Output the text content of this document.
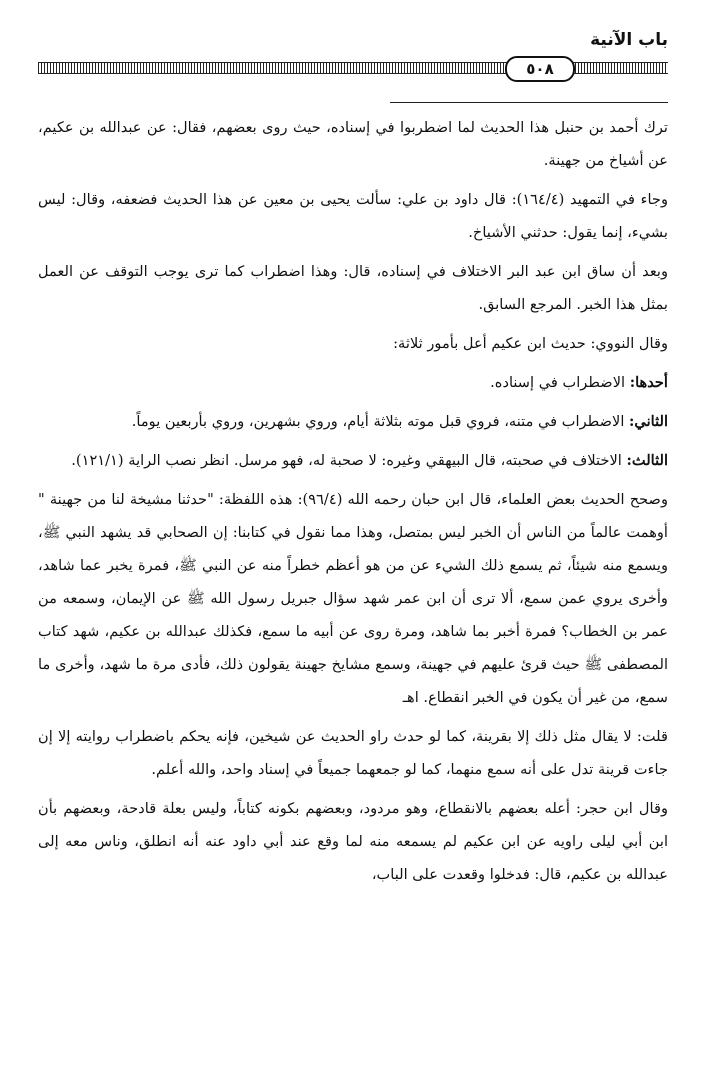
باب الآنية
٥٠٨

ترك أحمد بن حنبل هذا الحديث لما اضطربوا في إسناده، حيث روى بعضهم، فقال: عن عبدالله بن عكيم، عن أشياخ من جهينة.

وجاء في التمهيد (١٦٤/٤): قال داود بن علي: سألت يحيى بن معين عن هذا الحديث فضعفه، وقال: ليس بشيء، إنما يقول: حدثني الأشياخ.

وبعد أن ساق ابن عبد البر الاختلاف في إسناده، قال: وهذا اضطراب كما ترى يوجب التوقف عن العمل بمثل هذا الخبر. المرجع السابق.

وقال النووي: حديث ابن عكيم أعل بأمور ثلاثة:

أحدها: الاضطراب في إسناده.

الثاني: الاضطراب في متنه، فروي قبل موته بثلاثة أيام، وروي بشهرين، وروي بأربعين يوماً.

الثالث: الاختلاف في صحبته، قال البيهقي وغيره: لا صحبة له، فهو مرسل. انظر نصب الراية (١٢١/١).

وصحح الحديث بعض العلماء، قال ابن حبان رحمه الله (٩٦/٤): هذه اللفظة: "حدثنا مشيخة لنا من جهينة " أوهمت عالماً من الناس أن الخبر ليس بمتصل، وهذا مما نقول في كتابنا: إن الصحابي قد يشهد النبي ﷺ، ويسمع منه شيئاً، ثم يسمع ذلك الشيء عن من هو أعظم خطراً منه عن النبي ﷺ، فمرة يخبر عما شاهد، وأخرى يروي عمن سمع، ألا ترى أن ابن عمر شهد سؤال جبريل رسول الله ﷺ عن الإيمان، وسمعه من عمر بن الخطاب؟ فمرة أخبر بما شاهد، ومرة روى عن أبيه ما سمع، فكذلك عبدالله بن عكيم، شهد كتاب المصطفى ﷺ حيث قرئ عليهم في جهينة، وسمع مشايخ جهينة يقولون ذلك، فأدى مرة ما شهد، وأخرى ما سمع، من غير أن يكون في الخبر انقطاع. اهـ

قلت: لا يقال مثل ذلك إلا بقرينة، كما لو حدث راو الحديث عن شيخين، فإنه يحكم باضطراب روايته إلا إن جاءت قرينة تدل على أنه سمع منهما، كما لو جمعهما جميعاً في إسناد واحد، والله أعلم.

وقال ابن حجر: أعله بعضهم بالانقطاع، وهو مردود، وبعضهم بكونه كتاباً، وليس بعلة قادحة، وبعضهم بأن ابن أبي ليلى راويه عن ابن عكيم لم يسمعه منه لما وقع عند أبي داود عنه أنه انطلق، وناس معه إلى عبدالله بن عكيم، قال: فدخلوا وقعدت على الباب،
